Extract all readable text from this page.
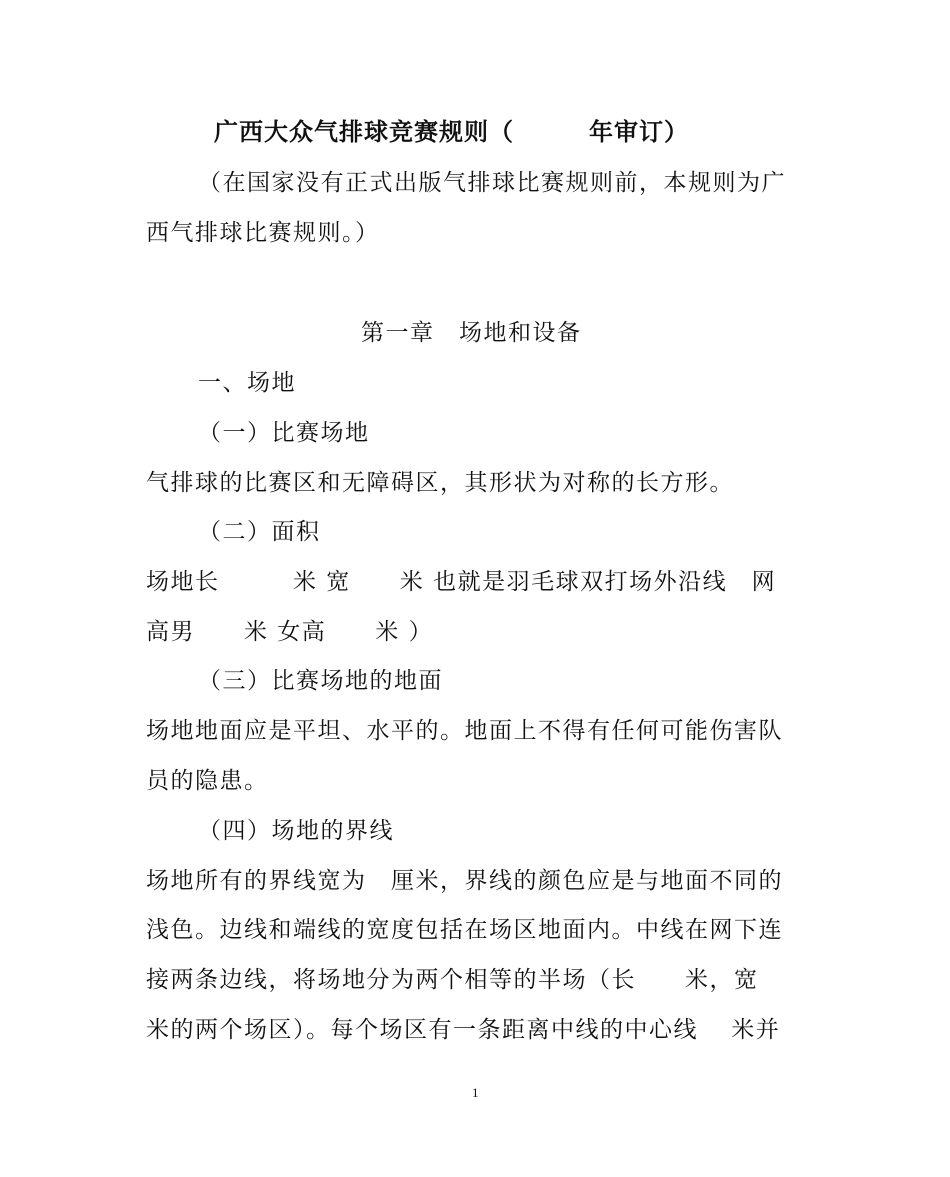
广西大众气排球竞赛规则（　　　年审订）
（在国家没有正式出版气排球比赛规则前，本规则为广
西气排球比赛规则。）
第一章　场地和设备
一、场地
（一）比赛场地
气排球的比赛区和无障碍区，其形状为对称的长方形。
（二）面积
场地长　　　米 宽　　米 也就是羽毛球双打场外沿线　网
高男　　米 女高　　米 ）
（三）比赛场地的地面
场地地面应是平坦、水平的。地面上不得有任何可能伤害队
员的隐患。
（四）场地的界线
场地所有的界线宽为　厘米，界线的颜色应是与地面不同的
浅色。边线和端线的宽度包括在场区地面内。中线在网下连
接两条边线，将场地分为两个相等的半场（长　　米，宽
米的两个场区）。每个场区有一条距离中线的中心线　 米并
1
